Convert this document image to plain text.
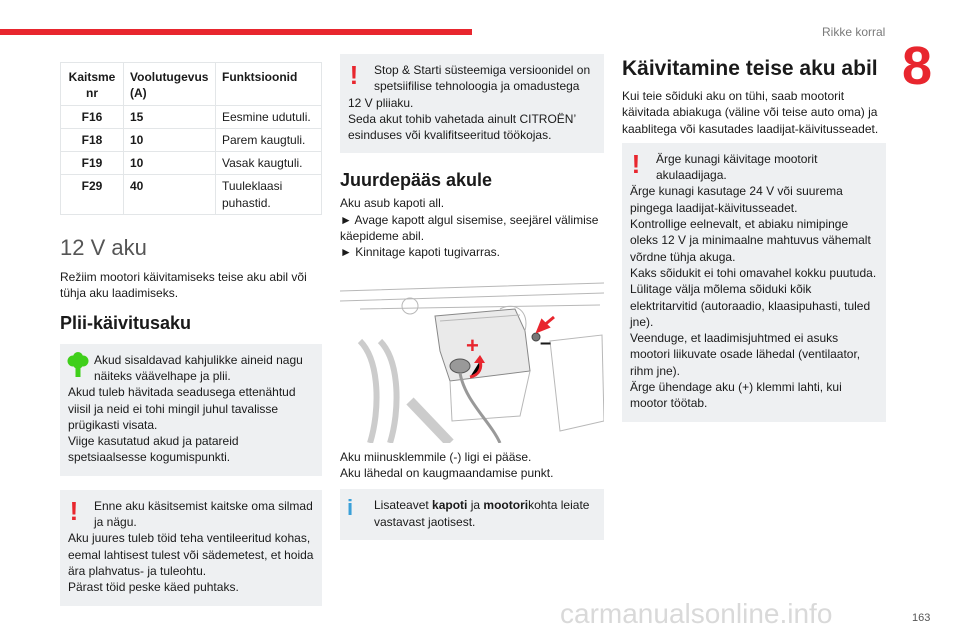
Rikke korral
8
Kaitsme nr	Voolutugevus (A)	Funktsioonid
F16	15	Eesmine udutuli.
F18	10	Parem kaugtuli.
F19	10	Vasak kaugtuli.
F29	40	Tuuleklaasi puhastid.
12 V aku

Režiim mootori käivitamiseks teise aku abil või tühja aku laadimiseks.

Plii-käivitusaku

Akud sisaldavad kahjulikke aineid nagu näiteks väävelhape ja plii.

Akud tuleb hävitada seadusega ettenähtud viisil ja neid ei tohi mingil juhul tavalisse prügikasti visata.

Viige kasutatud akud ja patareid spetsiaalsesse kogumispunkti.

! Enne aku käsitsemist kaitske oma silmad ja nägu.

Aku juures tuleb töid teha ventileeritud kohas, eemal lahtisest tulest või sädemetest, et hoida ära plahvatus- ja tuleohtu.

Pärast töid peske käed puhtaks.

! Stop & Starti süsteemiga versioonidel on spetsiifilise tehnoloogia ja omadustega

12 V pliiaku.

Seda akut tohib vahetada ainult CITROËN’ esinduses või kvalifitseeritud töökojas.

Juurdepääs akule

Aku asub kapoti all.

► Avage kapott algul sisemise, seejärel välimise käepideme abil.

► Kinnitage kapoti tugivarras.

+	–

Aku miinusklemmile (-) ligi ei pääse.

Aku lähedal on kaugmaandamise punkt.

i Lisateavet kapoti ja mootorikohta leiate vastavast jaotisest.

Käivitamine teise aku abil

Kui teie sõiduki aku on tühi, saab mootorit käivitada abiakuga (väline või teise auto oma) ja kaablitega või kasutades laadijat-käivitusseadet.

! Ärge kunagi käivitage mootorit akulaadijaga.

Ärge kunagi kasutage 24 V või suurema pingega laadijat-käivitusseadet.

Kontrollige eelnevalt, et abiaku nimipinge oleks 12 V ja minimaalne mahtuvus vähemalt võrdne tühja akuga.

Kaks sõidukit ei tohi omavahel kokku puutuda.

Lülitage välja mõlema sõiduki kõik elektritarvitid (autoraadio, klaasipuhasti, tuled jne).

Veenduge, et laadimisjuhtmed ei asuks mootori liikuvate osade lähedal (ventilaator, rihm jne).

Ärge ühendage aku (+) klemmi lahti, kui mootor töötab.

carmanualsonline.info	163
